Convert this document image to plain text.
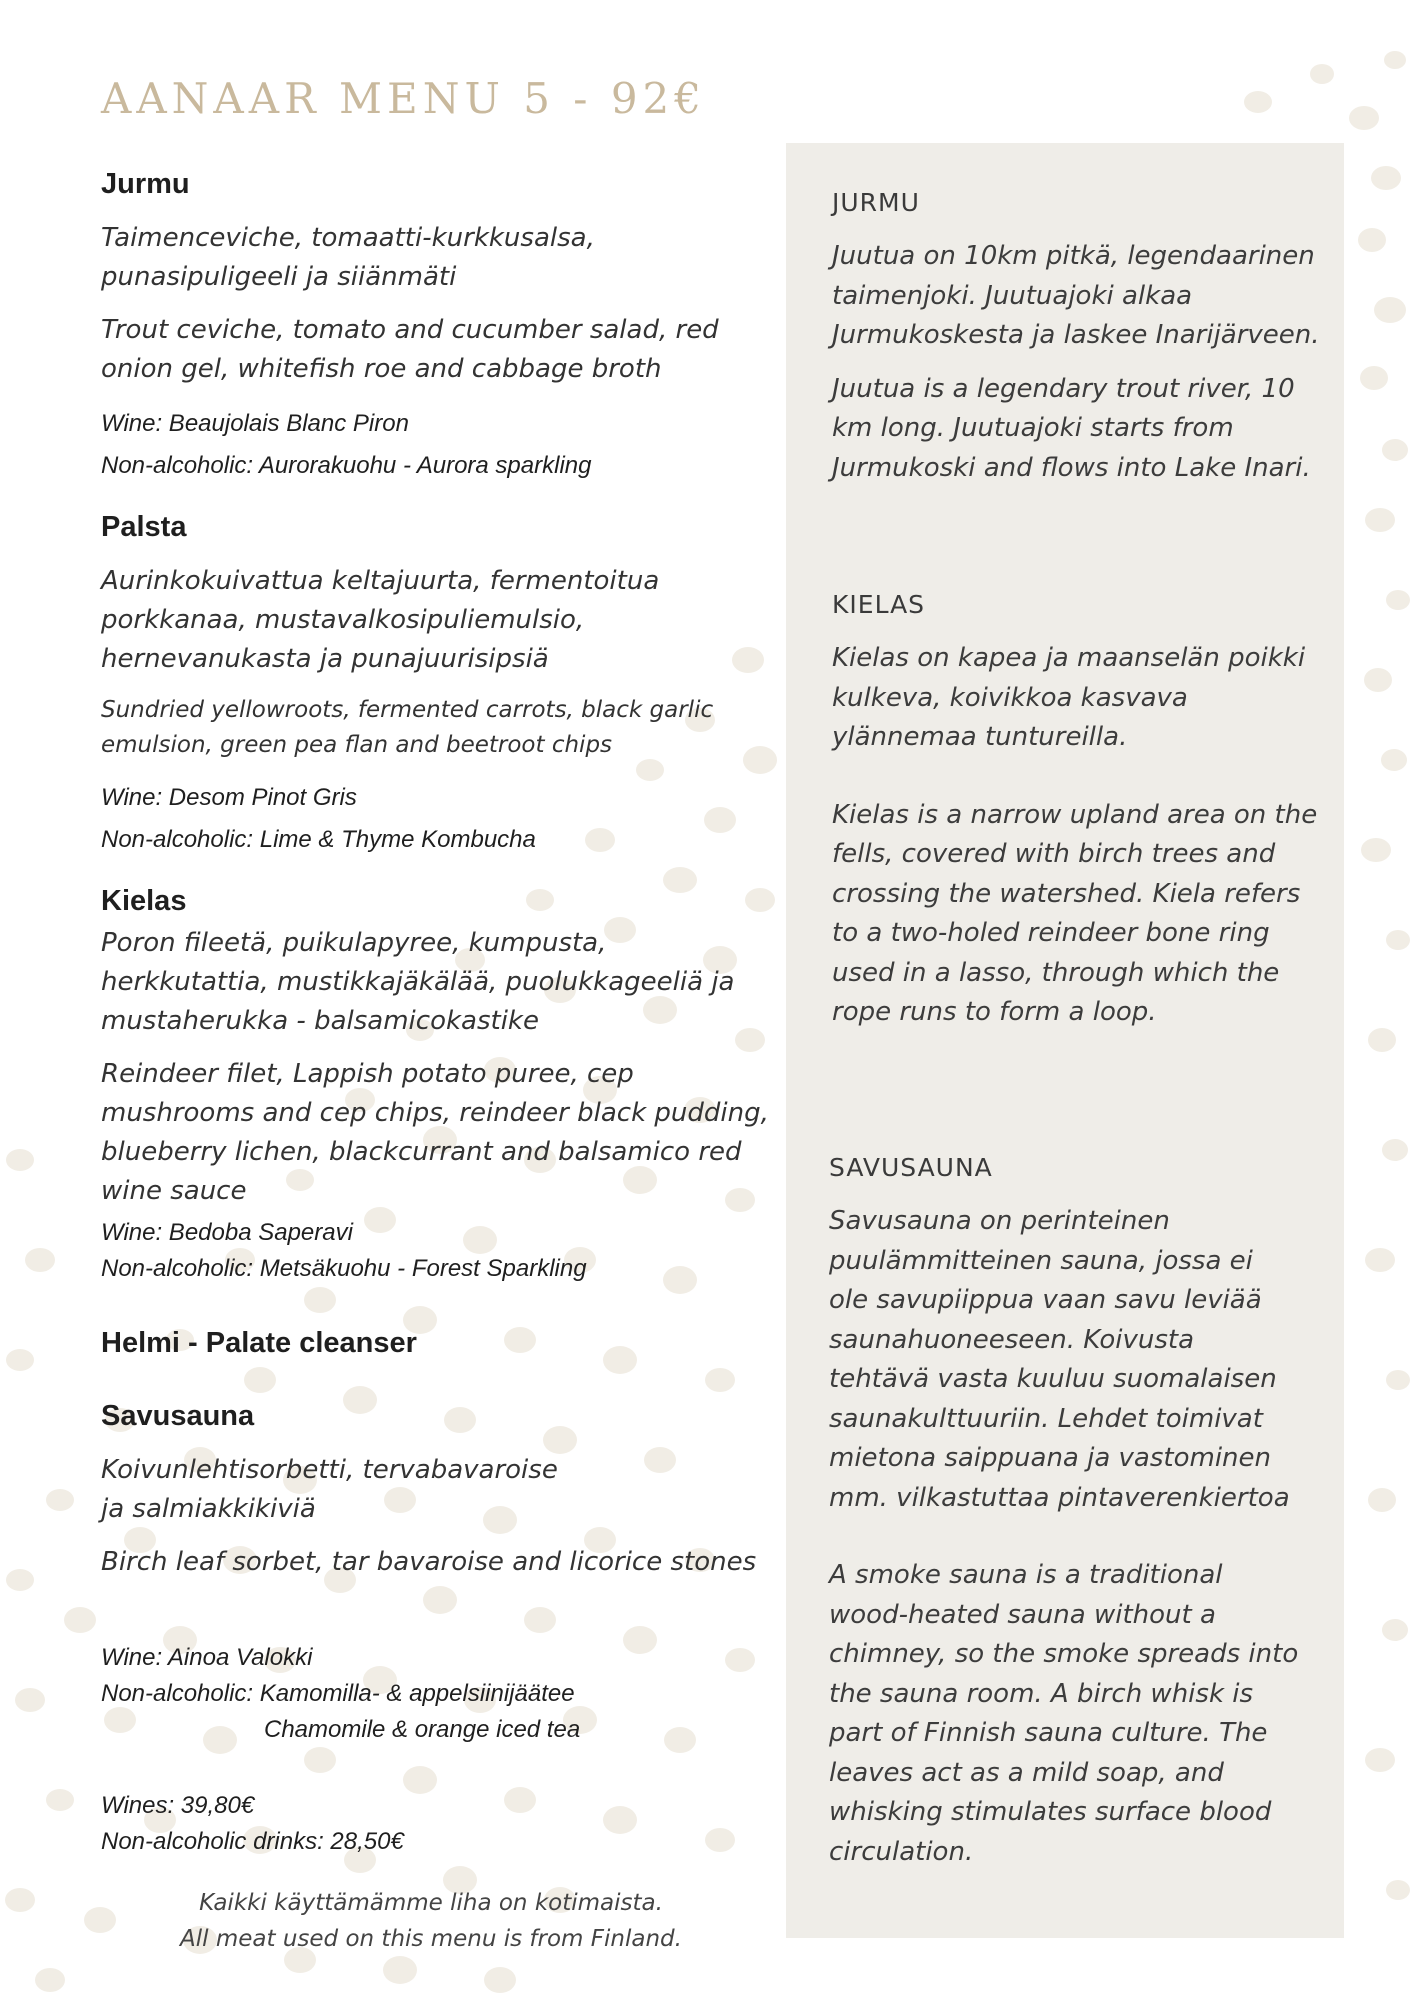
AANAAR MENU 5 - 92€
Jurmu

Taimenceviche, tomaatti-kurkkusalsa, punasipuligeeli ja siiänmäti

Trout ceviche, tomato and cucumber salad, red onion gel, whitefish roe and cabbage broth

Wine: Beaujolais Blanc Piron

Non-alcoholic: Aurorakuohu - Aurora sparkling

Palsta

Aurinkokuivattua keltajuurta, fermentoitua porkkanaa, mustavalkosipuliemulsio, hernevanukasta ja punajuurisipsiä

Sundried yellowroots, fermented carrots, black garlic emulsion, green pea flan and beetroot chips

Wine: Desom Pinot Gris

Non-alcoholic: Lime & Thyme Kombucha

Kielas

Poron fileetä, puikulapyree, kumpusta, herkkutattia, mustikkajäkälää, puolukkageeliä ja mustaherukka - balsamicokastike

Reindeer filet, Lappish potato puree, cep mushrooms and cep chips, reindeer black pudding, blueberry lichen, blackcurrant and balsamico red wine sauce

Wine: Bedoba Saperavi

Non-alcoholic: Metsäkuohu - Forest Sparkling

Helmi - Palate cleanser
Savusauna

Koivunlehtisorbetti, tervabavaroise ja salmiakkikiviä

Birch leaf sorbet, tar bavaroise and licorice stones

Wine: Ainoa Valokki

Non-alcoholic: Kamomilla- & appelsiinijäätee

Chamomile & orange iced tea

Wines: 39,80€

Non-alcoholic drinks: 28,50€

Kaikki käyttämämme liha on kotimaista.
All meat used on this menu is from Finland.
JURMU

Juutua on 10km pitkä, legendaarinen taimenjoki. Juutuajoki alkaa Jurmukoskesta ja laskee Inarijärveen.

Juutua is a legendary trout river, 10 km long. Juutuajoki starts from Jurmukoski and flows into Lake Inari.

KIELAS

Kielas on kapea ja maanselän poikki kulkeva, koivikkoa kasvava ylännemaa tuntureilla.

Kielas is a narrow upland area on the fells, covered with birch trees and crossing the watershed. Kiela refers to a two-holed reindeer bone ring used in a lasso, through which the rope runs to form a loop.

SAVUSAUNA

Savusauna on perinteinen puulämmitteinen sauna, jossa ei ole savupiippua vaan savu leviää saunahuoneeseen. Koivusta tehtävä vasta kuuluu suomalaisen saunakulttuuriin. Lehdet toimivat mietona saippuana ja vastominen mm. vilkastuttaa pintaverenkiertoa

A smoke sauna is a traditional wood-heated sauna without a chimney, so the smoke spreads into the sauna room. A birch whisk is part of Finnish sauna culture. The leaves act as a mild soap, and whisking stimulates surface blood circulation.
